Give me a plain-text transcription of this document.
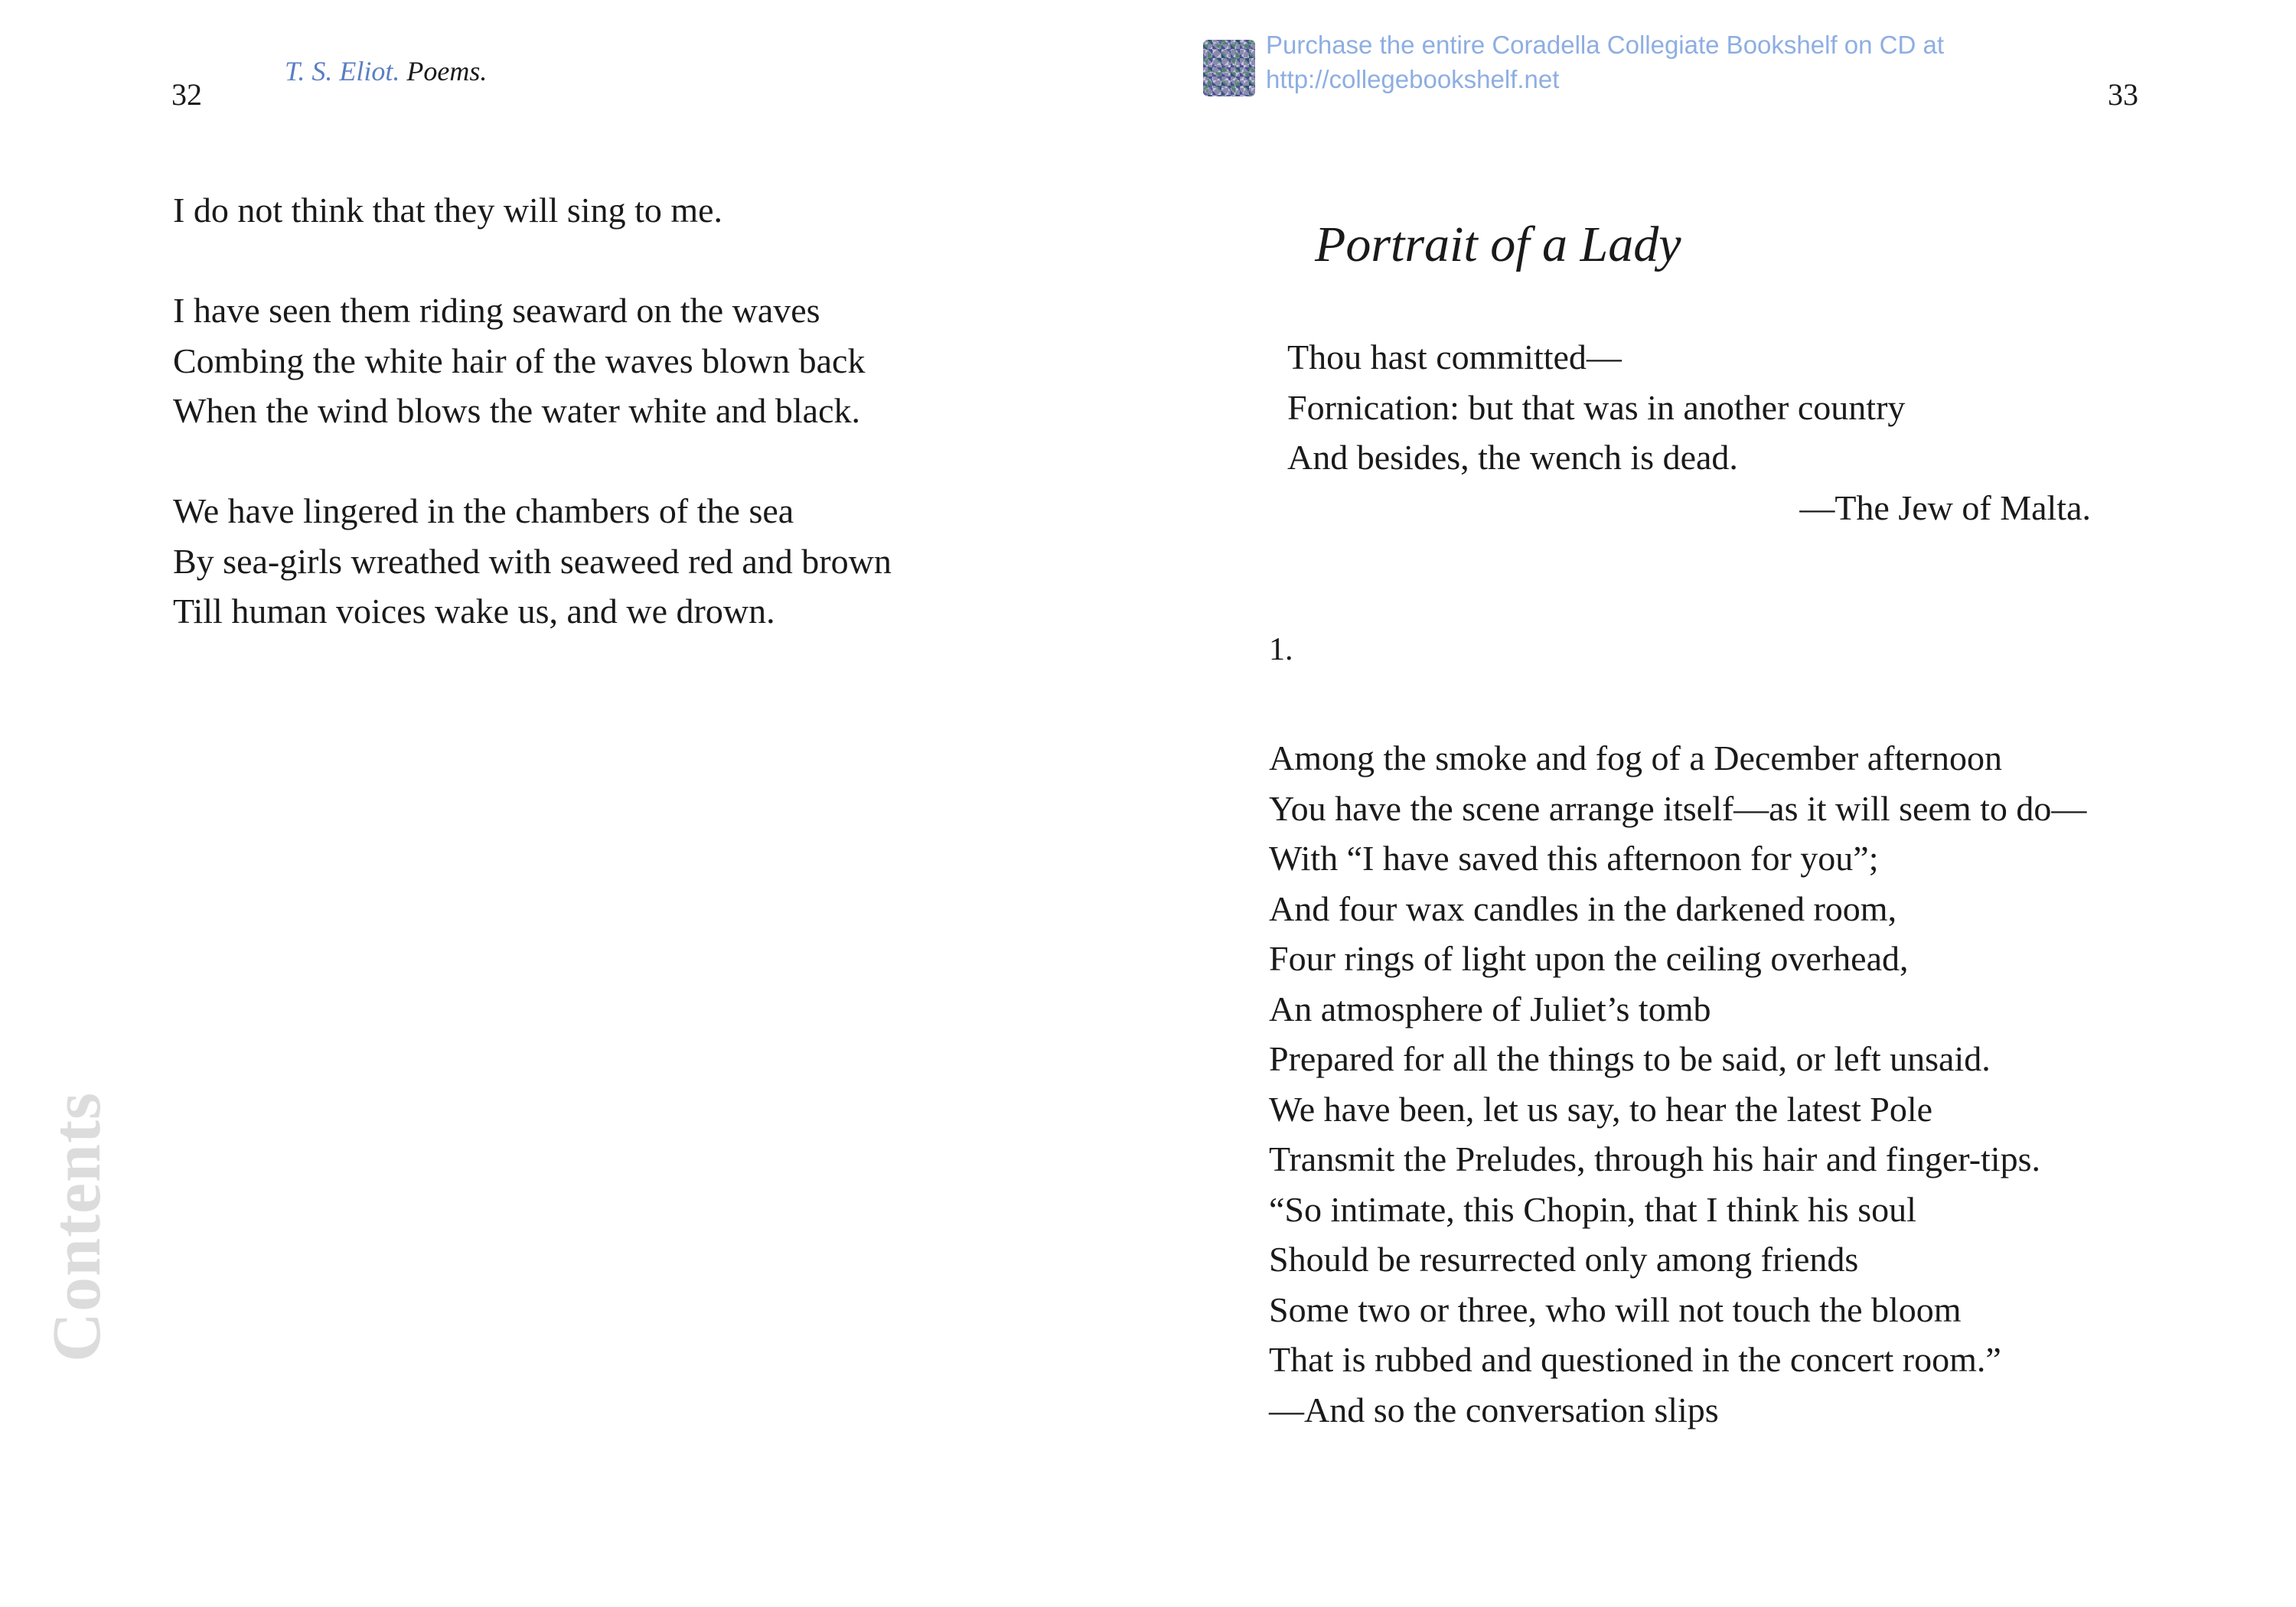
32
T. S. Eliot. Poems.
I do not think that they will sing to me.
I have seen them riding seaward on the waves
Combing the white hair of the waves blown back
When the wind blows the water white and black.
We have lingered in the chambers of the sea
By sea-girls wreathed with seaweed red and brown
Till human voices wake us, and we drown.
Contents
Purchase the entire Coradella Collegiate Bookshelf on CD at
http://collegebookshelf.net	33
Portrait of a Lady
Thou hast committed—
Fornication: but that was in another country
And besides, the wench is dead.
—The Jew of Malta.
1.
Among the smoke and fog of a December afternoon
You have the scene arrange itself—as it will seem to do—
With “I have saved this afternoon for you”;
And four wax candles in the darkened room,
Four rings of light upon the ceiling overhead,
An atmosphere of Juliet’s tomb
Prepared for all the things to be said, or left unsaid.
We have been, let us say, to hear the latest Pole
Transmit the Preludes, through his hair and finger-tips.
“So intimate, this Chopin, that I think his soul
Should be resurrected only among friends
Some two or three, who will not touch the bloom
That is rubbed and questioned in the concert room.”
—And so the conversation slips
